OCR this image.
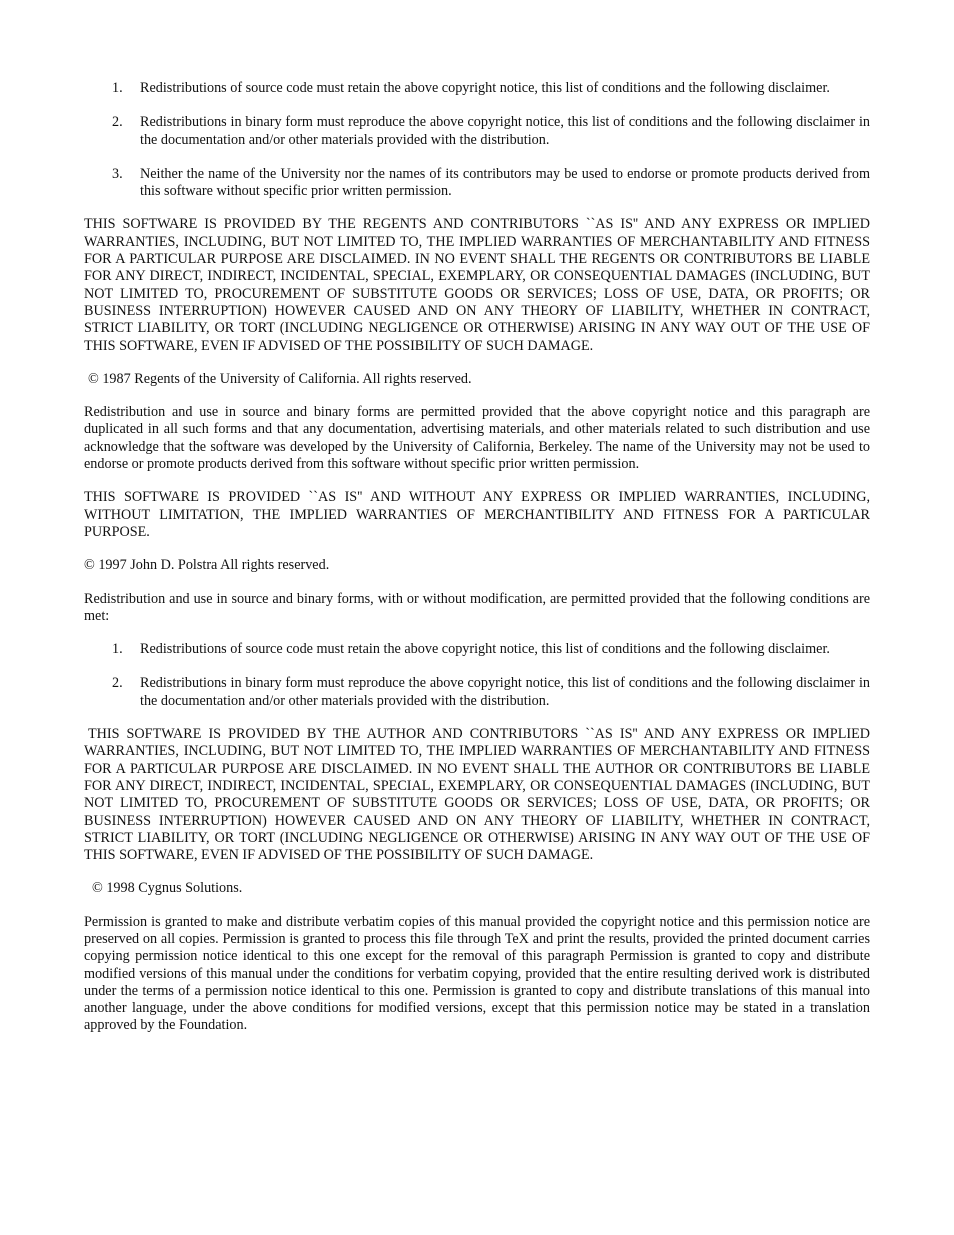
1. Redistributions of source code must retain the above copyright notice, this list of conditions and the following disclaimer.
2. Redistributions in binary form must reproduce the above copyright notice, this list of conditions and the following disclaimer in the documentation and/or other materials provided with the distribution.
3. Neither the name of the University nor the names of its contributors may be used to endorse or promote products derived from this software without specific prior written permission.

THIS SOFTWARE IS PROVIDED BY THE REGENTS AND CONTRIBUTORS ``AS IS'' AND ANY EXPRESS OR IMPLIED WARRANTIES, INCLUDING, BUT NOT LIMITED TO, THE IMPLIED WARRANTIES OF MERCHANTABILITY AND FITNESS FOR A PARTICULAR PURPOSE ARE DISCLAIMED. IN NO EVENT SHALL THE REGENTS OR CONTRIBUTORS BE LIABLE FOR ANY DIRECT, INDIRECT, INCIDENTAL, SPECIAL, EXEMPLARY, OR CONSEQUENTIAL DAMAGES (INCLUDING, BUT NOT LIMITED TO, PROCUREMENT OF SUBSTITUTE GOODS OR SERVICES; LOSS OF USE, DATA, OR PROFITS; OR BUSINESS INTERRUPTION) HOWEVER CAUSED AND ON ANY THEORY OF LIABILITY, WHETHER IN CONTRACT, STRICT LIABILITY, OR TORT (INCLUDING NEGLIGENCE OR OTHERWISE) ARISING IN ANY WAY OUT OF THE USE OF THIS SOFTWARE, EVEN IF ADVISED OF THE POSSIBILITY OF SUCH DAMAGE.

© 1987 Regents of the University of California. All rights reserved.

Redistribution and use in source and binary forms are permitted provided that the above copyright notice and this paragraph are duplicated in all such forms and that any documentation, advertising materials, and other materials related to such distribution and use acknowledge that the software was developed by the University of California, Berkeley. The name of the University may not be used to endorse or promote products derived from this software without specific prior written permission.

THIS SOFTWARE IS PROVIDED ``AS IS'' AND WITHOUT ANY EXPRESS OR IMPLIED WARRANTIES, INCLUDING, WITHOUT LIMITATION, THE IMPLIED WARRANTIES OF MERCHANTIBILITY AND FITNESS FOR A PARTICULAR PURPOSE.

© 1997 John D. Polstra All rights reserved.

Redistribution and use in source and binary forms, with or without modification, are permitted provided that the following conditions are met:

1. Redistributions of source code must retain the above copyright notice, this list of conditions and the following disclaimer.
2. Redistributions in binary form must reproduce the above copyright notice, this list of conditions and the following disclaimer in the documentation and/or other materials provided with the distribution.

THIS SOFTWARE IS PROVIDED BY THE AUTHOR AND CONTRIBUTORS ``AS IS'' AND ANY EXPRESS OR IMPLIED WARRANTIES, INCLUDING, BUT NOT LIMITED TO, THE IMPLIED WARRANTIES OF MERCHANTABILITY AND FITNESS FOR A PARTICULAR PURPOSE ARE DISCLAIMED. IN NO EVENT SHALL THE AUTHOR OR CONTRIBUTORS BE LIABLE FOR ANY DIRECT, INDIRECT, INCIDENTAL, SPECIAL, EXEMPLARY, OR CONSEQUENTIAL DAMAGES (INCLUDING, BUT NOT LIMITED TO, PROCUREMENT OF SUBSTITUTE GOODS OR SERVICES; LOSS OF USE, DATA, OR PROFITS; OR BUSINESS INTERRUPTION) HOWEVER CAUSED AND ON ANY THEORY OF LIABILITY, WHETHER IN CONTRACT, STRICT LIABILITY, OR TORT (INCLUDING NEGLIGENCE OR OTHERWISE) ARISING IN ANY WAY OUT OF THE USE OF THIS SOFTWARE, EVEN IF ADVISED OF THE POSSIBILITY OF SUCH DAMAGE.

© 1998 Cygnus Solutions.

Permission is granted to make and distribute verbatim copies of this manual provided the copyright notice and this permission notice are preserved on all copies. Permission is granted to process this file through TeX and print the results, provided the printed document carries copying permission notice identical to this one except for the removal of this paragraph Permission is granted to copy and distribute modified versions of this manual under the conditions for verbatim copying, provided that the entire resulting derived work is distributed under the terms of a permission notice identical to this one. Permission is granted to copy and distribute translations of this manual into another language, under the above conditions for modified versions, except that this permission notice may be stated in a translation approved by the Foundation.
